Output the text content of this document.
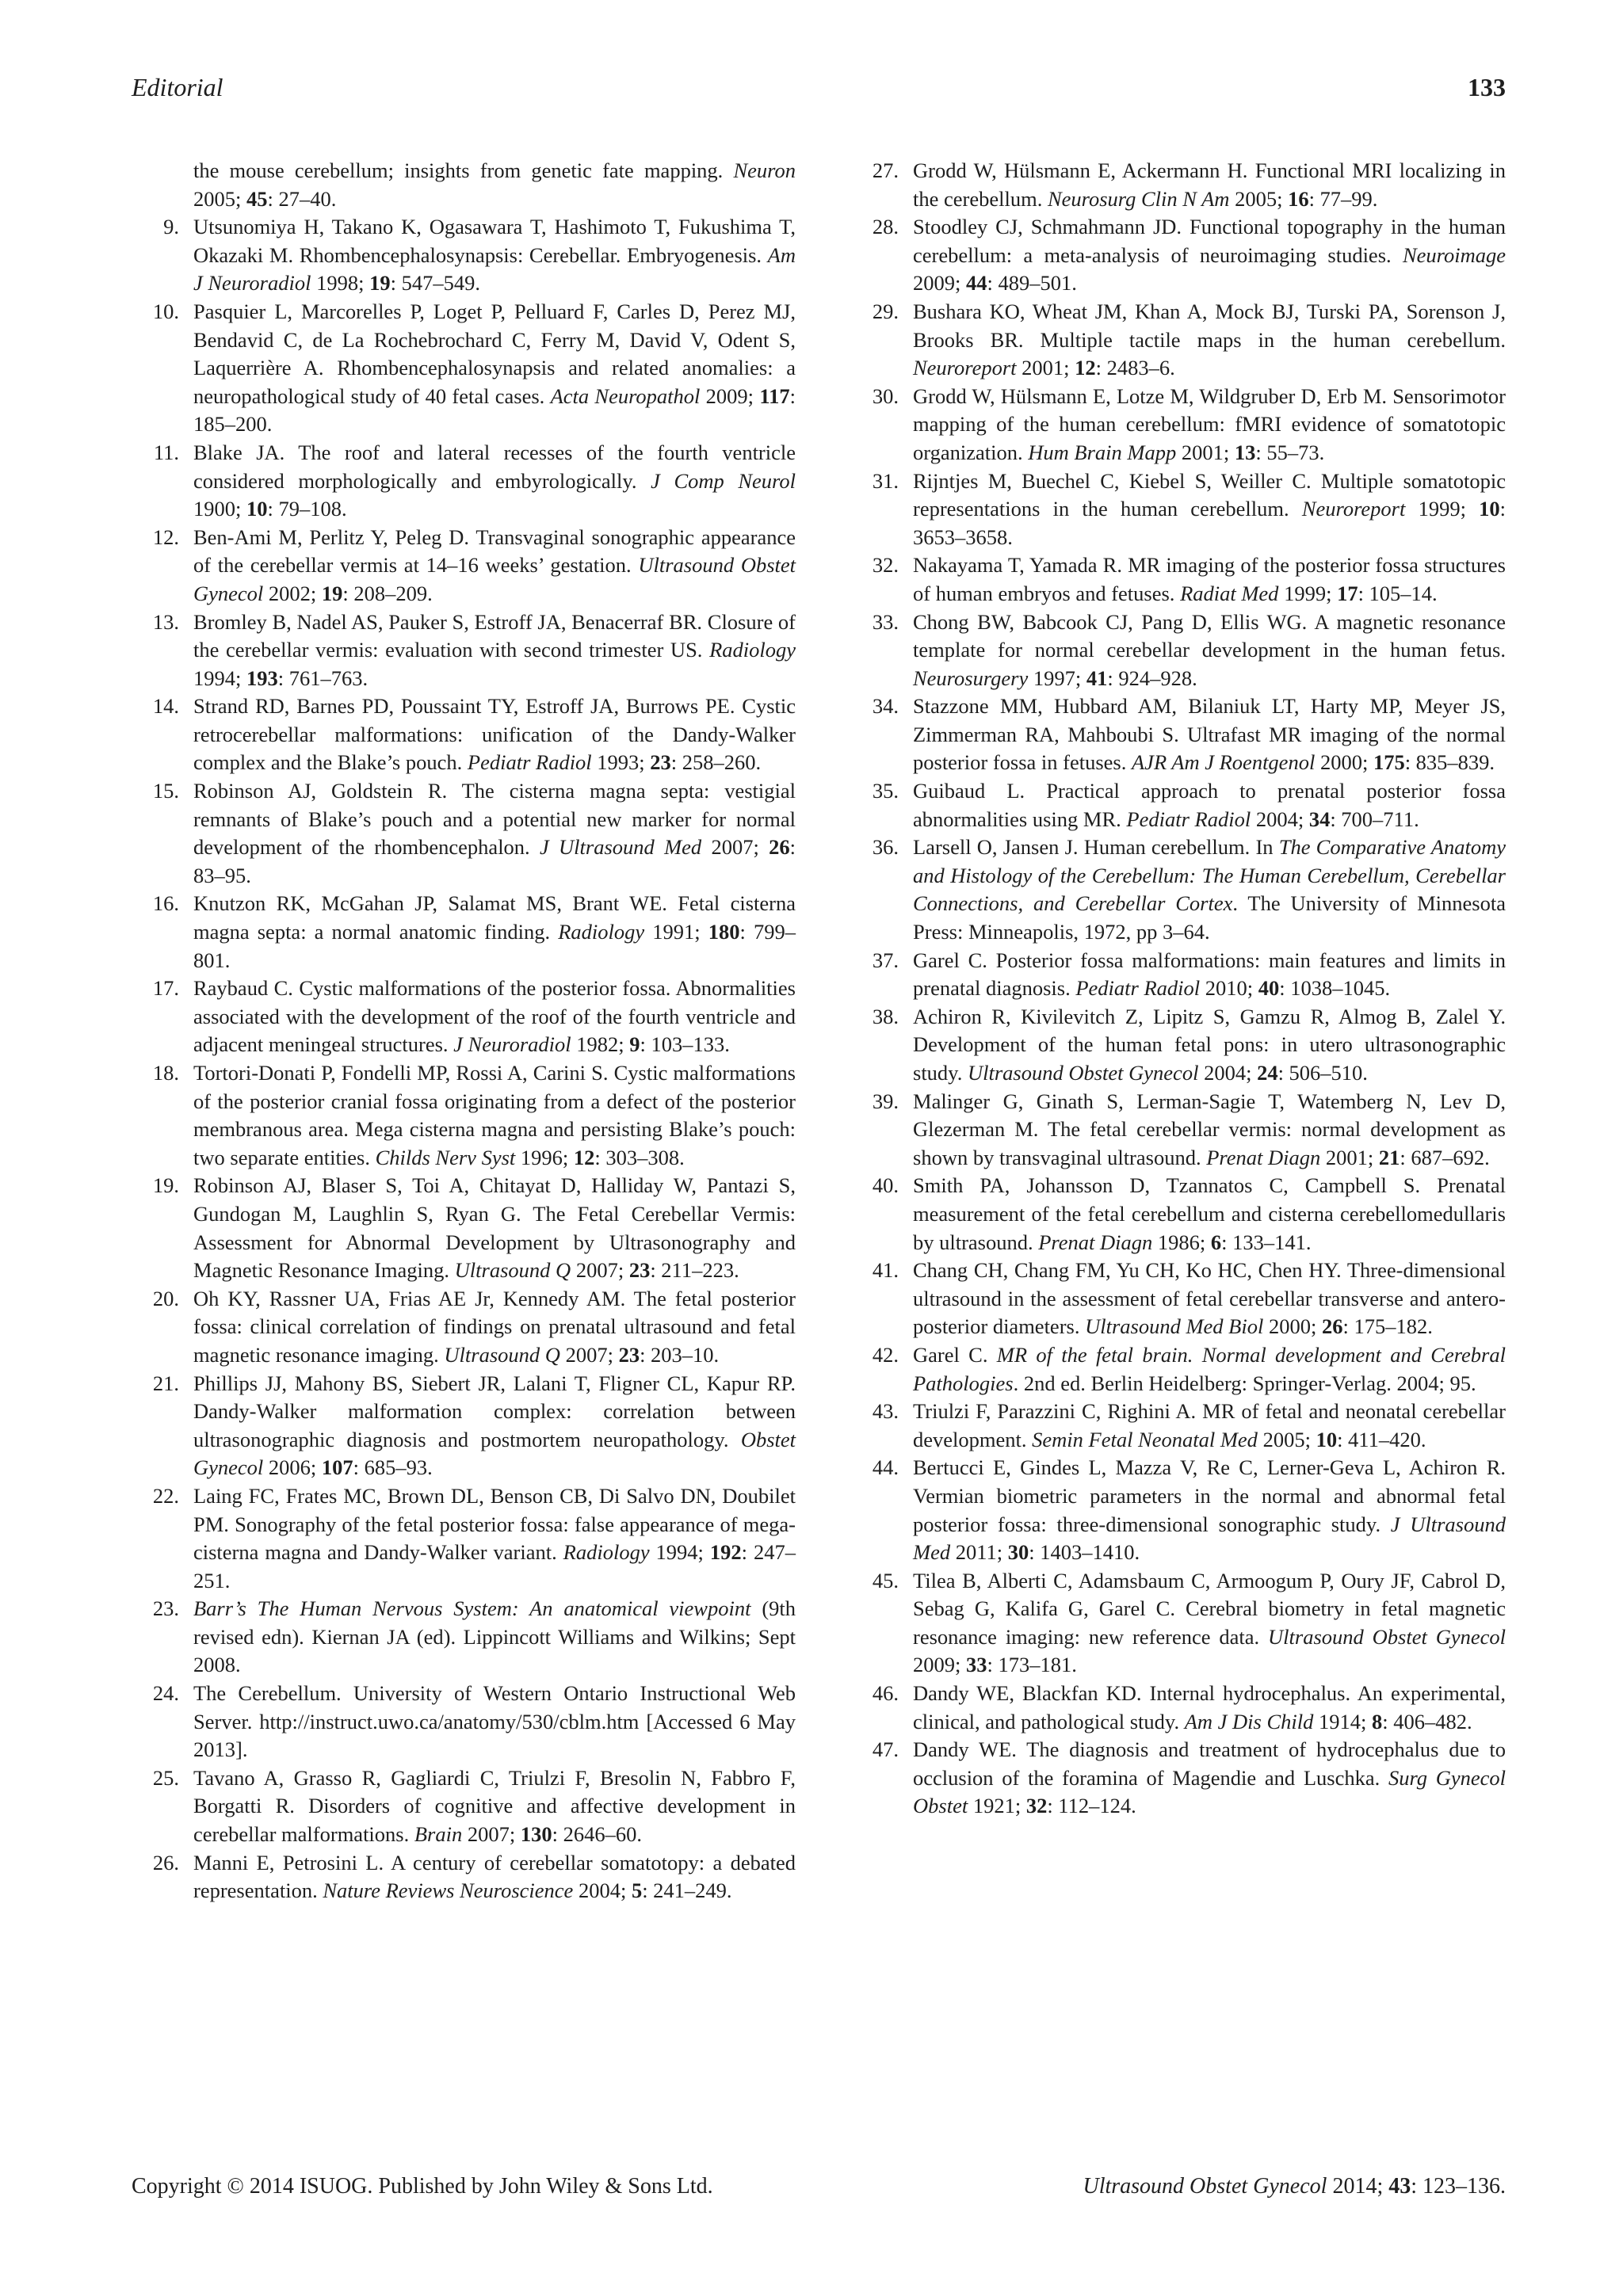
Editorial	133
the mouse cerebellum; insights from genetic fate mapping. Neuron 2005; 45: 27–40.
9. Utsunomiya H, Takano K, Ogasawara T, Hashimoto T, Fukushima T, Okazaki M. Rhombencephalosynapsis: Cerebellar. Embryogenesis. Am J Neuroradiol 1998; 19: 547–549.
10. Pasquier L, Marcorelles P, Loget P, Pelluard F, Carles D, Perez MJ, Bendavid C, de La Rochebrochard C, Ferry M, David V, Odent S, Laquerrière A. Rhombencephalosynapsis and related anomalies: a neuropathological study of 40 fetal cases. Acta Neuropathol 2009; 117: 185–200.
11. Blake JA. The roof and lateral recesses of the fourth ventricle considered morphologically and embyrologically. J Comp Neurol 1900; 10: 79–108.
12. Ben-Ami M, Perlitz Y, Peleg D. Transvaginal sonographic appearance of the cerebellar vermis at 14–16 weeks’ gestation. Ultrasound Obstet Gynecol 2002; 19: 208–209.
13. Bromley B, Nadel AS, Pauker S, Estroff JA, Benacerraf BR. Closure of the cerebellar vermis: evaluation with second trimester US. Radiology 1994; 193: 761–763.
14. Strand RD, Barnes PD, Poussaint TY, Estroff JA, Burrows PE. Cystic retrocerebellar malformations: unification of the Dandy-Walker complex and the Blake’s pouch. Pediatr Radiol 1993; 23: 258–260.
15. Robinson AJ, Goldstein R. The cisterna magna septa: vestigial remnants of Blake’s pouch and a potential new marker for normal development of the rhombencephalon. J Ultrasound Med 2007; 26: 83–95.
16. Knutzon RK, McGahan JP, Salamat MS, Brant WE. Fetal cisterna magna septa: a normal anatomic finding. Radiology 1991; 180: 799–801.
17. Raybaud C. Cystic malformations of the posterior fossa. Abnormalities associated with the development of the roof of the fourth ventricle and adjacent meningeal structures. J Neuroradiol 1982; 9: 103–133.
18. Tortori-Donati P, Fondelli MP, Rossi A, Carini S. Cystic malformations of the posterior cranial fossa originating from a defect of the posterior membranous area. Mega cisterna magna and persisting Blake’s pouch: two separate entities. Childs Nerv Syst 1996; 12: 303–308.
19. Robinson AJ, Blaser S, Toi A, Chitayat D, Halliday W, Pantazi S, Gundogan M, Laughlin S, Ryan G. The Fetal Cerebellar Vermis: Assessment for Abnormal Development by Ultrasonography and Magnetic Resonance Imaging. Ultrasound Q 2007; 23: 211–223.
20. Oh KY, Rassner UA, Frias AE Jr, Kennedy AM. The fetal posterior fossa: clinical correlation of findings on prenatal ultrasound and fetal magnetic resonance imaging. Ultrasound Q 2007; 23: 203–10.
21. Phillips JJ, Mahony BS, Siebert JR, Lalani T, Fligner CL, Kapur RP. Dandy-Walker malformation complex: correlation between ultrasonographic diagnosis and postmortem neuropathology. Obstet Gynecol 2006; 107: 685–93.
22. Laing FC, Frates MC, Brown DL, Benson CB, Di Salvo DN, Doubilet PM. Sonography of the fetal posterior fossa: false appearance of mega-cisterna magna and Dandy-Walker variant. Radiology 1994; 192: 247–251.
23. Barr’s The Human Nervous System: An anatomical viewpoint (9th revised edn). Kiernan JA (ed). Lippincott Williams and Wilkins; Sept 2008.
24. The Cerebellum. University of Western Ontario Instructional Web Server. http://instruct.uwo.ca/anatomy/530/cblm.htm [Accessed 6 May 2013].
25. Tavano A, Grasso R, Gagliardi C, Triulzi F, Bresolin N, Fabbro F, Borgatti R. Disorders of cognitive and affective development in cerebellar malformations. Brain 2007; 130: 2646–60.
26. Manni E, Petrosini L. A century of cerebellar somatotopy: a debated representation. Nature Reviews Neuroscience 2004; 5: 241–249.
27. Grodd W, Hülsmann E, Ackermann H. Functional MRI localizing in the cerebellum. Neurosurg Clin N Am 2005; 16: 77–99.
28. Stoodley CJ, Schmahmann JD. Functional topography in the human cerebellum: a meta-analysis of neuroimaging studies. Neuroimage 2009; 44: 489–501.
29. Bushara KO, Wheat JM, Khan A, Mock BJ, Turski PA, Sorenson J, Brooks BR. Multiple tactile maps in the human cerebellum. Neuroreport 2001; 12: 2483–6.
30. Grodd W, Hülsmann E, Lotze M, Wildgruber D, Erb M. Sensorimotor mapping of the human cerebellum: fMRI evidence of somatotopic organization. Hum Brain Mapp 2001; 13: 55–73.
31. Rijntjes M, Buechel C, Kiebel S, Weiller C. Multiple somatotopic representations in the human cerebellum. Neuroreport 1999; 10: 3653–3658.
32. Nakayama T, Yamada R. MR imaging of the posterior fossa structures of human embryos and fetuses. Radiat Med 1999; 17: 105–14.
33. Chong BW, Babcook CJ, Pang D, Ellis WG. A magnetic resonance template for normal cerebellar development in the human fetus. Neurosurgery 1997; 41: 924–928.
34. Stazzone MM, Hubbard AM, Bilaniuk LT, Harty MP, Meyer JS, Zimmerman RA, Mahboubi S. Ultrafast MR imaging of the normal posterior fossa in fetuses. AJR Am J Roentgenol 2000; 175: 835–839.
35. Guibaud L. Practical approach to prenatal posterior fossa abnormalities using MR. Pediatr Radiol 2004; 34: 700–711.
36. Larsell O, Jansen J. Human cerebellum. In The Comparative Anatomy and Histology of the Cerebellum: The Human Cerebellum, Cerebellar Connections, and Cerebellar Cortex. The University of Minnesota Press: Minneapolis, 1972, pp 3–64.
37. Garel C. Posterior fossa malformations: main features and limits in prenatal diagnosis. Pediatr Radiol 2010; 40: 1038–1045.
38. Achiron R, Kivilevitch Z, Lipitz S, Gamzu R, Almog B, Zalel Y. Development of the human fetal pons: in utero ultrasonographic study. Ultrasound Obstet Gynecol 2004; 24: 506–510.
39. Malinger G, Ginath S, Lerman-Sagie T, Watemberg N, Lev D, Glezerman M. The fetal cerebellar vermis: normal development as shown by transvaginal ultrasound. Prenat Diagn 2001; 21: 687–692.
40. Smith PA, Johansson D, Tzannatos C, Campbell S. Prenatal measurement of the fetal cerebellum and cisterna cerebellomedullaris by ultrasound. Prenat Diagn 1986; 6: 133–141.
41. Chang CH, Chang FM, Yu CH, Ko HC, Chen HY. Three-dimensional ultrasound in the assessment of fetal cerebellar transverse and antero-posterior diameters. Ultrasound Med Biol 2000; 26: 175–182.
42. Garel C. MR of the fetal brain. Normal development and Cerebral Pathologies. 2nd ed. Berlin Heidelberg: Springer-Verlag. 2004; 95.
43. Triulzi F, Parazzini C, Righini A. MR of fetal and neonatal cerebellar development. Semin Fetal Neonatal Med 2005; 10: 411–420.
44. Bertucci E, Gindes L, Mazza V, Re C, Lerner-Geva L, Achiron R. Vermian biometric parameters in the normal and abnormal fetal posterior fossa: three-dimensional sonographic study. J Ultrasound Med 2011; 30: 1403–1410.
45. Tilea B, Alberti C, Adamsbaum C, Armoogum P, Oury JF, Cabrol D, Sebag G, Kalifa G, Garel C. Cerebral biometry in fetal magnetic resonance imaging: new reference data. Ultrasound Obstet Gynecol 2009; 33: 173–181.
46. Dandy WE, Blackfan KD. Internal hydrocephalus. An experimental, clinical, and pathological study. Am J Dis Child 1914; 8: 406–482.
47. Dandy WE. The diagnosis and treatment of hydrocephalus due to occlusion of the foramina of Magendie and Luschka. Surg Gynecol Obstet 1921; 32: 112–124.
Copyright © 2014 ISUOG. Published by John Wiley & Sons Ltd.	Ultrasound Obstet Gynecol 2014; 43: 123–136.
